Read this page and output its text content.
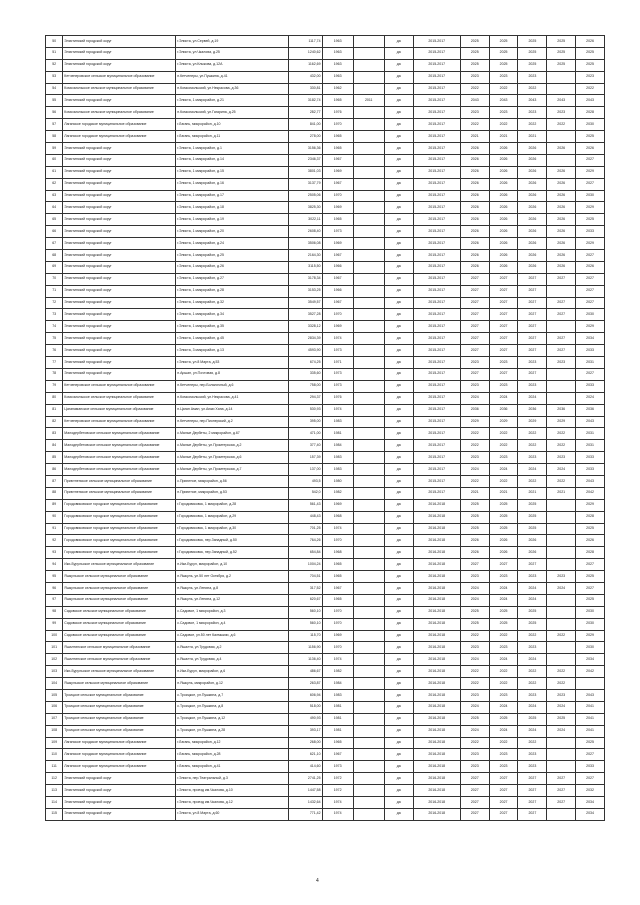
50	Элистинский городской округ	г.Элиста, ул.Сервей, д.19	1117,74	1963		да	2015-2017	2025	2025	2025	2025	2026
51	Элистинский городской округ	г.Элиста, ул.Чкалова, д.25	1240,62	1963		да	2015-2017	2025	2025	2025	2025	2025
52	Элистинский городской округ	г.Элиста, ул.Клыкова, д.12А	1162,69	1963		да	2015-2017	2025	2025	2025	2025	2025
53	Кетченеровское сельское муниципальное образование	п.Кетченеры, ул.Пушкина, д.41	432,00	1963		да	2015-2017	2023	2023	2023		2023
54	Комсомольское сельское муниципальное образование	п.Комсомольский, ул.Некрасова, д.36	330,81	1962		да	2015-2017	2022	2022	2022		2022
55	Элистинский городской округ	г.Элиста, 1 микрорайон, д.21	3182,74	1965	2011	да	2015-2017	2043	2043	2043	2043	2043
56	Комсомольское сельское муниципальное образование	п.Комсомольский, ул.Гагарина, д.25	282,77	1976		да	2015-2017	2023	2023	2023	2023	2028
57	Лаганское городское муниципальное образование	г.Лагань, микрорайон, д.10	841,00	1970		да	2015-2017	2022	2022	2022	2022	2030
58	Лаганское городское муниципальное образование	г.Лагань, микрорайон, д.11	278,00	1965		да	2015-2017	2021	2021	2021		2025
59	Элистинский городской округ	г.Элиста, 1 микрорайон, д.1	3156,36	1965		да	2015-2017	2026	2026	2026	2026	2026
60	Элистинский городской округ	г.Элиста, 1 микрорайон, д.14	2346,37	1967		да	2015-2017	2026	2026	2026		2027
61	Элистинский городской округ	г.Элиста, 1 микрорайон, д.15	3801,03	1969		да	2015-2017	2026	2026	2026	2026	2029
62	Элистинский городской округ	г.Элиста, 1 микрорайон, д.16	3137,79	1967		да	2015-2017	2026	2026	2026	2026	2027
63	Элистинский городской округ	г.Элиста, 1 микрорайон, д.17	2505,06	1970		да	2015-2017	2026	2026	2026	2026	2030
64	Элистинский городской округ	г.Элиста, 1 микрорайон, д.18	3825,30	1969		да	2015-2017	2026	2026	2026	2026	2029
65	Элистинский городской округ	г.Элиста, 1 микрорайон, д.19	3022,11	1965		да	2015-2017	2026	2026	2026	2026	2025
66	Элистинский городской округ	г.Элиста, 1 микрорайон, д.20	2608,40	1973		да	2015-2017	2026	2026	2026	2026	2033
67	Элистинский городской округ	г.Элиста, 1 микрорайон, д.24	3506,08	1969		да	2015-2017	2026	2026	2026	2026	2029
68	Элистинский городской округ	г.Элиста, 1 микрорайон, д.25	2164,30	1967		да	2015-2017	2026	2026	2026	2026	2027
69	Элистинский городской округ	г.Элиста, 1 микрорайон, д.26	3115,50	1966		да	2015-2017	2026	2026	2026	2026	2026
70	Элистинский городской округ	г.Элиста, 1 микрорайон, д.27	3178,34	1967		да	2015-2017	2027	2027	2027	2027	2027
71	Элистинский городской округ	г.Элиста, 1 микрорайон, д.28	3153,25	1966		да	2015-2017	2027	2027	2027		2027
72	Элистинский городской округ	г.Элиста, 1 микрорайон, д.32	3549,57	1967		да	2015-2017	2027	2027	2027	2027	2027
73	Элистинский городской округ	г.Элиста, 1 микрорайон, д.34	3527,28	1970		да	2015-2017	2027	2027	2027	2027	2030
74	Элистинский городской округ	г.Элиста, 1 микрорайон, д.35	3328,12	1969		да	2015-2017	2027	2027	2027		2029
75	Элистинский городской округ	г.Элиста, 1 микрорайон, д.45	2834,39	1974		да	2015-2017	2027	2027	2027	2027	2034
76	Элистинский городской округ	г.Элиста, 3 микрорайон, д.13	4593,90	1973		да	2015-2017	2027	2027	2027	2027	2033
77	Элистинский городской округ	г.Элиста, ул.8 Марта, д.53	674,25	1971		да	2015-2017	2023	2023	2023	2023	2031
78	Элистинский городской округ	п.Аршан, ул.Почтовая, д.8	335,60	1973		да	2015-2017	2027	2027	2027		2027
79	Кетченеровское сельское муниципальное образование	п.Кетченеры, пер.Больничный, д.6	758,00	1973		да	2015-2017	2023	2023	2023		2033
80	Комсомольское сельское муниципальное образование	п.Комсомольский, ул.Некрасова, д.41	294,37	1976		да	2015-2017	2024	2024	2024		2024
81	Цаганаманское сельское муниципальное образование	п.Цаган Аман, ул.Аюки Хана, д.14	530,93	1974		да	2015-2017	2036	2036	2036	2036	2036
82	Кетченеровское сельское муниципальное образование	п.Кетченеры, пер.Пионерский, д.2	395,00	1983		да	2015-2017	2029	2029	2029	2029	2043
83	Малодербетовское сельское муниципальное образование	с.Малые Дербеты, 2 микрорайон, д.67	471,00	1981		да	2015-2017	2022	2022	2022	2022	2031
84	Малодербетовское сельское муниципальное образование	с.Малые Дербеты, ул.Промтерская, д.2	377,40	1984		да	2015-2017	2022	2022	2022	2022	2031
85	Малодербетовское сельское муниципальное образование	с.Малые Дербеты, ул.Промтерская, д.6	157,39	1983		да	2015-2017	2023	2023	2023	2023	2033
86	Малодербетовское сельское муниципальное образование	с.Малые Дербеты, ул.Промтерская, д.7	137,00	1983		да	2015-2017	2024	2024	2024	2024	2033
87	Приютненское сельское муниципальное образование	с.Приютное, микрорайон, д.56	493,5	1980		да	2015-2017	2022	2022	2022	2022	2043
88	Приютненское сельское муниципальное образование	п.Приютное, микрорайон, д.53	542,0	1982		да	2015-2017	2021	2021	2021	2021	2042
89	Городовиковское городское муниципальное образование	г.Городовиковск, 1 микрорайон, д.28	561,43	1969		да	2016-2018	2025	2025	2025		2029
90	Городовиковское городское муниципальное образование	г.Городовиковск, 1 микрорайон, д.29	448,43	1968		да	2016-2018	2025	2025	2025		2028
91	Городовиковское городское муниципальное образование	г.Городовиковск, 1 микрорайон, д.30	701,25	1974		да	2016-2018	2025	2025	2025		2025
92	Городовиковское городское муниципальное образование	г.Городовиковск, пер.Западный, д.50	764,26	1970		да	2016-2018	2026	2026	2026		2026
93	Городовиковское городское муниципальное образование	г.Городовиковск, пер.Западный, д.52	654,84	1968		да	2016-2018	2026	2026	2026		2028
94	Ики-Бурульское сельское муниципальное образование	п.Ики-Бурул, микрорайон, д.10	1004,24	1965		да	2016-2018	2027	2027	2027		2027
95	Яшкульское сельское муниципальное образование	п.Яшкуль, ул.50 лет Октября, д.2	704,51	1965		да	2016-2018	2023	2023	2023	2023	2025
96	Яшкульское сельское муниципальное образование	п.Яшкуль, ул.Ленина, д.8	317,52	1967		да	2016-2018	2024	2024	2024	2024	2027
97	Яшкульское сельское муниципальное образование	п.Яшкуль, ул.Ленина, д.12	620,67	1965		да	2016-2018	2024	2024	2024		2025
98	Садовское сельское муниципальное образование	с.Садовое, 1 микрорайон, д.3	560,10	1970		да	2016-2018	2025	2025	2025		2030
99	Садовское сельское муниципальное образование	с.Садовое, 1 микрорайон, д.4	560,10	1970		да	2016-2018	2025	2025	2025		2030
100	Садовское сельское муниципальное образование	с.Садовое, ул.50 лет Калмыкии, д.6	115,70	1969		да	2016-2018	2022	2022	2022	2022	2029
101	Яшалтинское сельское муниципальное образование	с.Яшалта, ул.Трудовая, д.2	1156,90	1970		да	2016-2018	2023	2023	2023		2030
102	Яшалтинское сельское муниципальное образование	с.Яшалта, ул.Трудовая, д.4	1136,40	1974		да	2016-2018	2024	2024	2024		2034
103	Ики-Бурульское сельское муниципальное образование	п.Ики-Бурул, микрорайон, д.6	486,67	1982		да	2016-2018	2022	2022	2022	2022	2042
104	Яшкульское сельское муниципальное образование	п.Яшкуль, микрорайон, д.12	263,87	1984		да	2016-2018	2022	2022	2022	2022	
105	Троицкое сельское муниципальное образование	с.Троицкое, ул.Пушкина, д.7	606,94	1983		да	2016-2018	2023	2023	2023	2023	2043
106	Троицкое сельское муниципальное образование	с.Троицкое, ул.Пушкина, д.8	518,00	1981		да	2016-2018	2024	2024	2024	2024	2041
107	Троицкое сельское муниципальное образование	с.Троицкое, ул.Пушкина, д.12	490,93	1981		да	2016-2018	2025	2025	2025	2025	2041
108	Троицкое сельское муниципальное образование	с.Троицкое, ул.Пушкина, д.28	393,17	1981		да	2016-2018	2024	2024	2024	2024	2041
109	Лаганское городское муниципальное образование	г.Лагань, микрорайон, д.12	268,00	1965		да	2016-2018	2022	2022	2022		2025
110	Лаганское городское муниципальное образование	г.Лагань, микрорайон, д.28	621,10	1967		да	2016-2018	2023	2023	2023		2027
111	Лаганское городское муниципальное образование	г.Лагань, микрорайон, д.41	414,60	1973		да	2016-2018	2023	2023	2023		2033
112	Элистинский городской округ	г.Элиста, пер.Театральный, д.3	2741,25	1972		да	2016-2018	2027	2027	2027	2027	2027
113	Элистинский городской округ	г.Элиста, проезд им.Чкалова, д.10	1447,58	1972		да	2016-2018	2027	2027	2027	2027	2032
114	Элистинский городской округ	г.Элиста, проезд им.Чкалова, д.12	1432,64	1974		да	2016-2018	2027	2027	2027	2027	2034
115	Элистинский городской округ	г.Элиста, ул.8 Марта, д.60	771,42	1974		да	2016-2018	2027	2027	2027		2034
4
